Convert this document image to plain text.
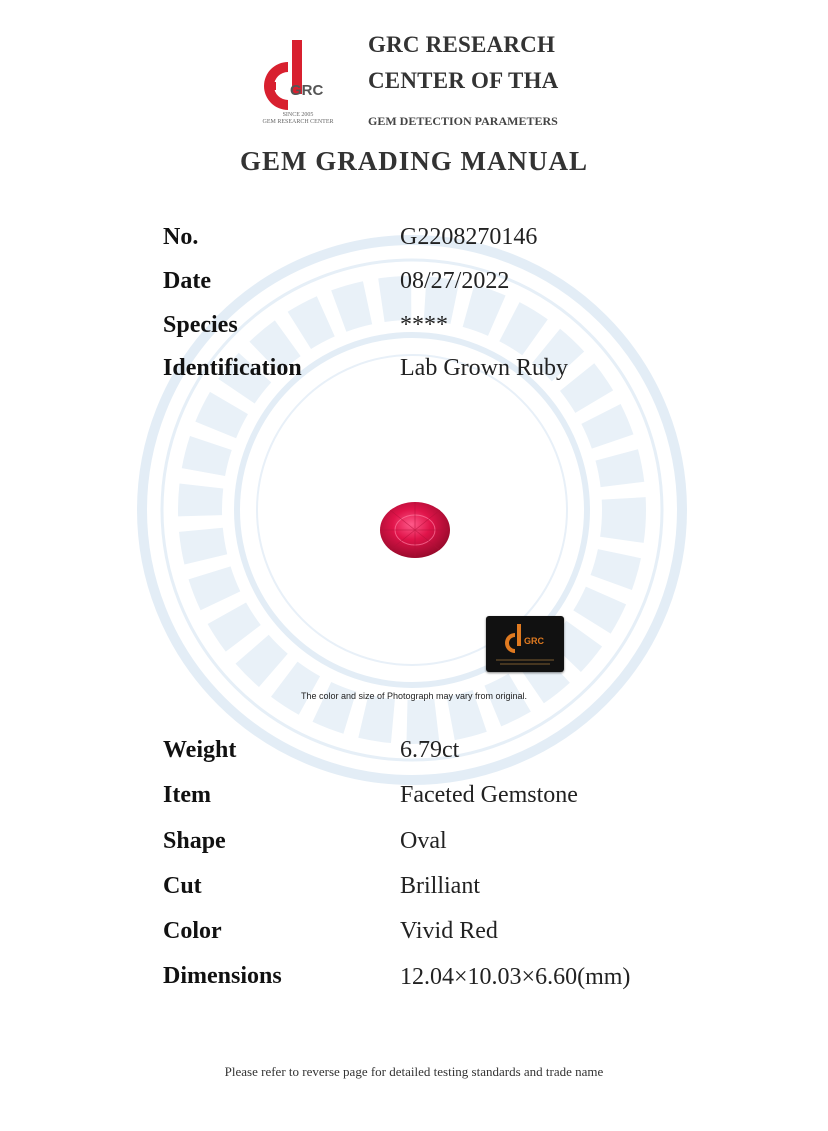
GRC
SINCE 2005
GEM RESEARCH CENTER
GRC RESEARCH
CENTER OF THA
GEM DETECTION PARAMETERS
GEM GRADING MANUAL
No.	G2208270146
Date	08/27/2022
Species	****
Identification	Lab Grown Ruby
GRC
The color and size of Photograph may vary from original.
Weight	6.79ct
Item	Faceted Gemstone
Shape	Oval
Cut	Brilliant
Color	Vivid Red
Dimensions	12.04×10.03×6.60(mm)
Please refer to reverse page for detailed testing standards and trade name
